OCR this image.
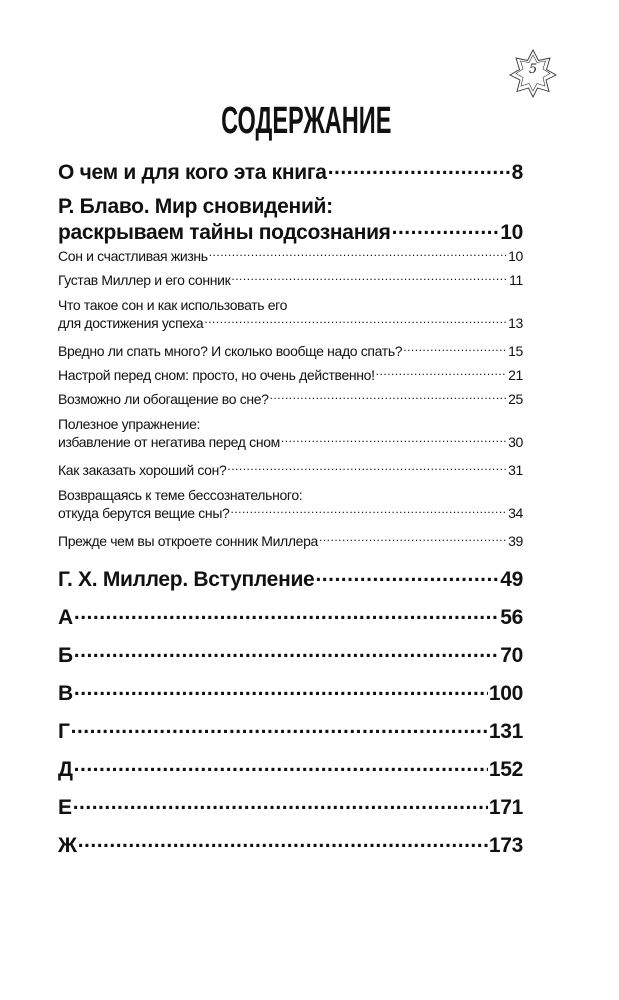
5
СОДЕРЖАНИЕ
О чем и для кого эта книга .....	8
Р. Блаво. Мир сновидений:
раскрываем тайны подсознания .....	10
Сон и счастливая жизнь .....	10
Густав Миллер и его сонник .....	11
Что такое сон и как использовать его
для достижения успеха .....	13
Вредно ли спать много? И сколько вообще надо спать? .....	15
Настрой перед сном: просто, но очень действенно! .....	21
Возможно ли обогащение во сне? .....	25
Полезное упражнение:
избавление от негатива перед сном .....	30
Как заказать хороший сон? .....	31
Возвращаясь к теме бессознательного:
откуда берутся вещие сны? .....	34
Прежде чем вы откроете сонник Миллера .....	39
Г. Х. Миллер. Вступление .....	49
А .....	56
Б .....	70
В .....	100
Г .....	131
Д .....	152
Е .....	171
Ж .....	173
